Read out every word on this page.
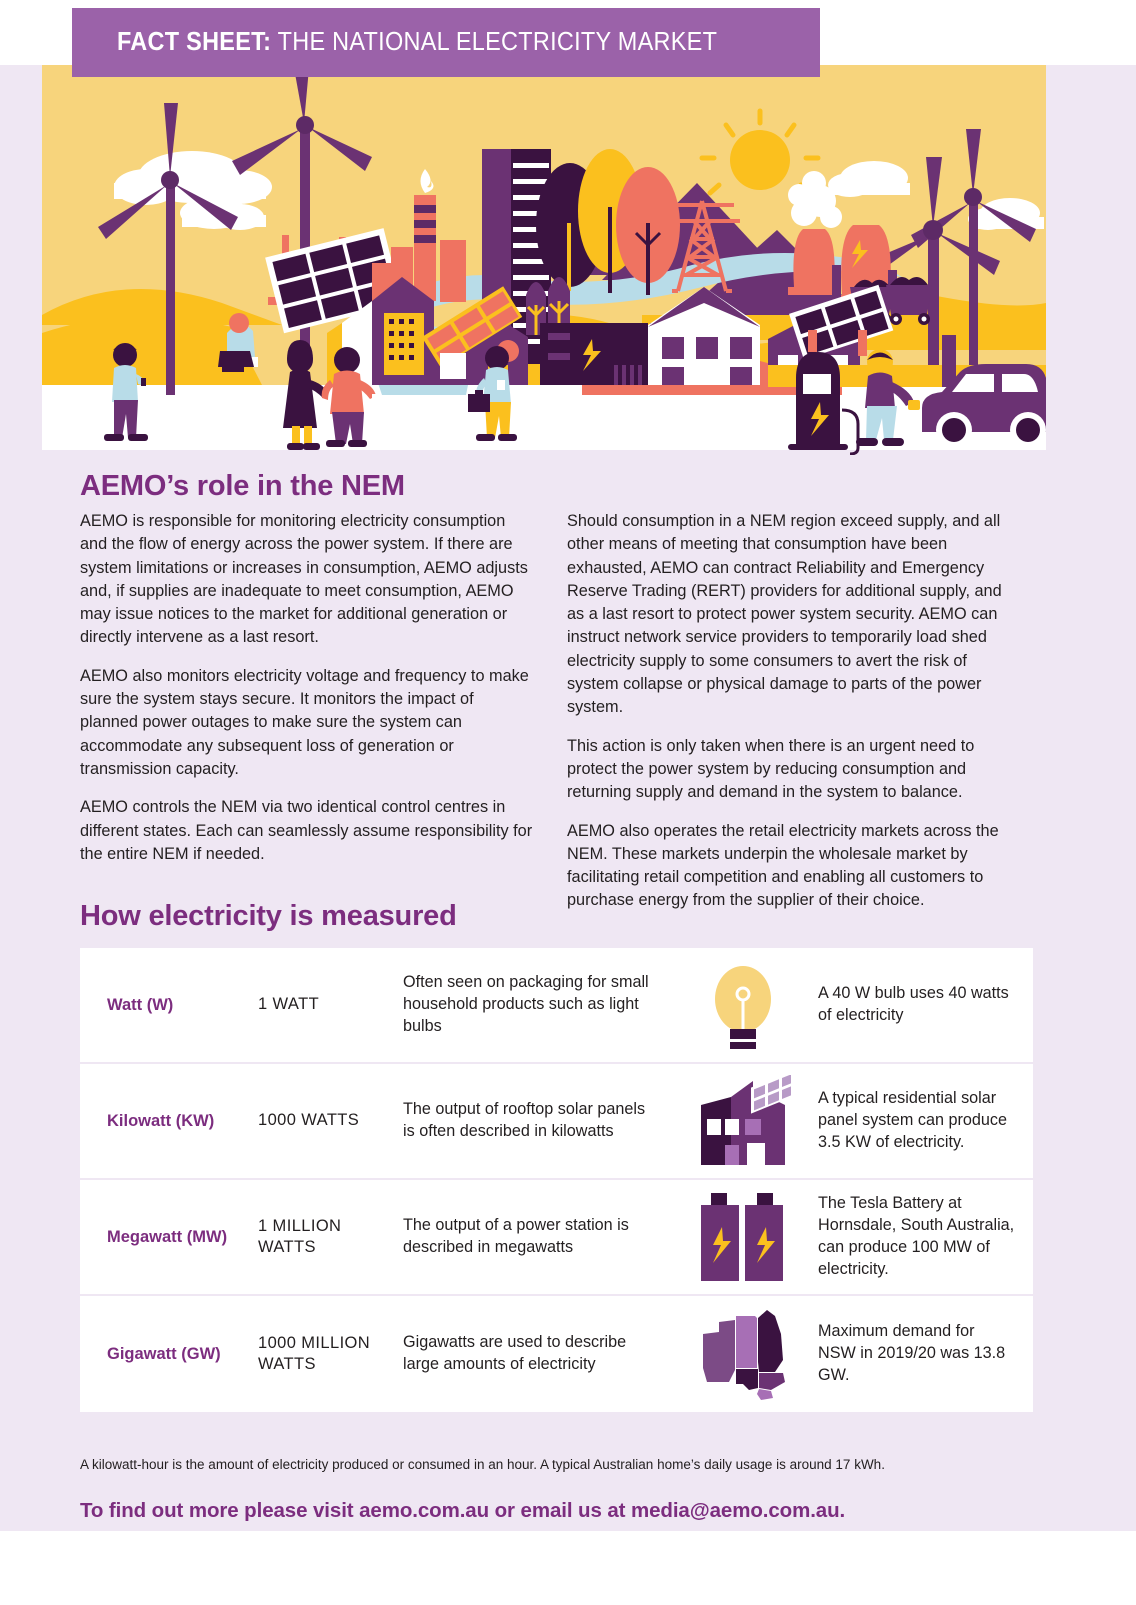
FACT SHEET: THE NATIONAL ELECTRICITY MARKET
AEMO’s role in the NEM

AEMO is responsible for monitoring electricity consumption and the flow of energy across the power system. If there are system limitations or increases in consumption, AEMO adjusts and, if supplies are inadequate to meet consumption, AEMO may issue notices to the market for additional generation or directly intervene as a last resort.

AEMO also monitors electricity voltage and frequency to make sure the system stays secure. It monitors the impact of planned power outages to make sure the system can accommodate any subsequent loss of generation or transmission capacity.

AEMO controls the NEM via two identical control centres in different states. Each can seamlessly assume responsibility for the entire NEM if needed.

Should consumption in a NEM region exceed supply, and all other means of meeting that consumption have been exhausted, AEMO can contract Reliability and Emergency Reserve Trading (RERT) providers for additional supply, and as a last resort to protect power system security. AEMO can instruct network service providers to temporarily load shed electricity supply to some consumers to avert the risk of system collapse or physical damage to parts of the power system.

This action is only taken when there is an urgent need to protect the power system by reducing consumption and returning supply and demand in the system to balance.

AEMO also operates the retail electricity markets across the NEM. These markets underpin the wholesale market by facilitating retail competition and enabling all customers to purchase energy from the supplier of their choice.

How electricity is measured
Watt (W)	1 WATT
Often seen on packaging for small household products such as light bulbs
A 40 W bulb uses 40 watts of electricity
Kilowatt (KW)	1000 WATTS
The output of rooftop solar panels is often described in kilowatts
A typical residential solar panel system can produce 3.5 KW of electricity.
Megawatt (MW)
1 MILLION WATTS
The output of a power station is described in megawatts
The Tesla Battery at Hornsdale, South Australia, can produce 100 MW of electricity.
Gigawatt (GW)
1000 MILLION WATTS
Gigawatts are used to describe large amounts of electricity
Maximum demand for NSW in 2019/20 was 13.8 GW.
A kilowatt-hour is the amount of electricity produced or consumed in an hour. A typical Australian home’s daily usage is around 17 kWh.
To find out more please visit aemo.com.au or email us at media@aemo.com.au.
